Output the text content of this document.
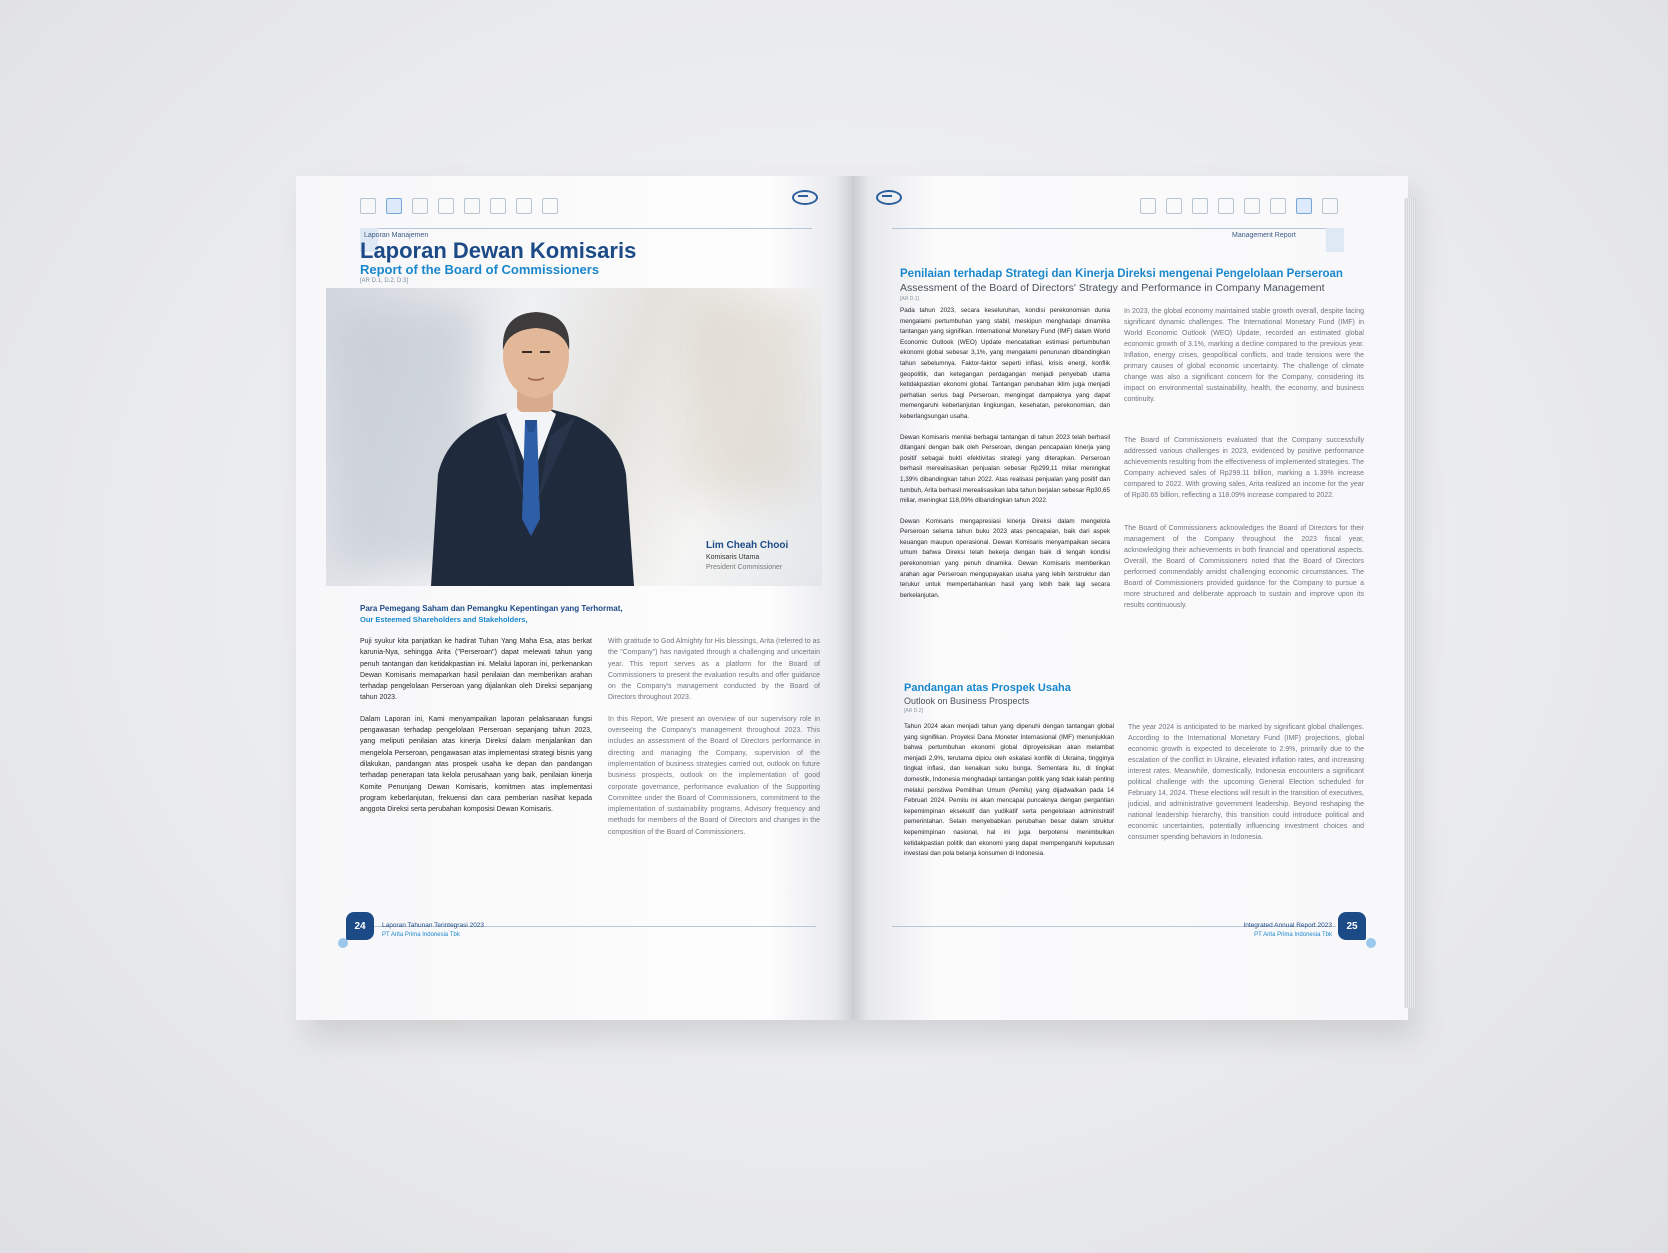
Laporan Manajemen
Laporan Dewan Komisaris
Report of the Board of Commissioners
[AR D.1, D.2, D.3]
Lim Cheah Chooi
Komisaris Utama
President Commissioner
Para Pemegang Saham dan Pemangku Kepentingan yang Terhormat,
Our Esteemed Shareholders and Stakeholders,

Puji syukur kita panjatkan ke hadirat Tuhan Yang Maha Esa, atas berkat karunia-Nya, sehingga Arita ("Perseroan") dapat melewati tahun yang penuh tantangan dan ketidakpastian ini. Melalui laporan ini, perkenankan Dewan Komisaris memaparkan hasil penilaian dan memberikan arahan terhadap pengelolaan Perseroan yang dijalankan oleh Direksi sepanjang tahun 2023.

Dalam Laporan ini, Kami menyampaikan laporan pelaksanaan fungsi pengawasan terhadap pengelolaan Perseroan sepanjang tahun 2023, yang meliputi penilaian atas kinerja Direksi dalam menjalankan dan mengelola Perseroan, pengawasan atas implementasi strategi bisnis yang dilakukan, pandangan atas prospek usaha ke depan dan pandangan terhadap penerapan tata kelola perusahaan yang baik, penilaian kinerja Komite Penunjang Dewan Komisaris, komitmen atas implementasi program keberlanjutan, frekuensi dan cara pemberian nasihat kepada anggota Direksi serta perubahan komposisi Dewan Komisaris.

With gratitude to God Almighty for His blessings, Arita (referred to as the "Company") has navigated through a challenging and uncertain year. This report serves as a platform for the Board of Commissioners to present the evaluation results and offer guidance on the Company's management conducted by the Board of Directors throughout 2023.

In this Report, We present an overview of our supervisory role in overseeing the Company's management throughout 2023. This includes an assessment of the Board of Directors performance in directing and managing the Company, supervision of the implementation of business strategies carried out, outlook on future business prospects, outlook on the implementation of good corporate governance, performance evaluation of the Supporting Committee under the Board of Commissioners, commitment to the implementation of sustainability programs, Advisory frequency and methods for members of the Board of Directors and changes in the composition of the Board of Commissioners.

24	Laporan Tahunan Terintegrasi 2023
PT Arita Prima Indonesia Tbk
Management Report
Penilaian terhadap Strategi dan Kinerja Direksi mengenai Pengelolaan Perseroan
Assessment of the Board of Directors' Strategy and Performance in Company Management
[AR D.1]

Pada tahun 2023, secara keseluruhan, kondisi perekonomian dunia mengalami pertumbuhan yang stabil, meskipun menghadapi dinamika tantangan yang signifikan. International Monetary Fund (IMF) dalam World Economic Outlook (WEO) Update mencatatkan estimasi pertumbuhan ekonomi global sebesar 3,1%, yang mengalami penurunan dibandingkan tahun sebelumnya. Faktor-faktor seperti inflasi, krisis energi, konflik geopolitik, dan ketegangan perdagangan menjadi penyebab utama ketidakpastian ekonomi global. Tantangan perubahan iklim juga menjadi perhatian serius bagi Perseroan, mengingat dampaknya yang dapat memengaruhi keberlanjutan lingkungan, kesehatan, perekonomian, dan keberlangsungan usaha.

Dewan Komisaris menilai berbagai tantangan di tahun 2023 telah berhasil ditangani dengan baik oleh Perseroan, dengan pencapaian kinerja yang positif sebagai bukti efektivitas strategi yang diterapkan. Perseroan berhasil merealisasikan penjualan sebesar Rp299,11 miliar meningkat 1,39% dibandingkan tahun 2022. Atas realisasi penjualan yang positif dan tumbuh, Arita berhasil merealisasikan laba tahun berjalan sebesar Rp30,65 miliar, meningkat 118,09% dibandingkan tahun 2022.

Dewan Komisaris mengapresiasi kinerja Direksi dalam mengelola Perseroan selama tahun buku 2023 atas pencapaian, baik dari aspek keuangan maupun operasional. Dewan Komisaris menyampaikan secara umum bahwa Direksi telah bekerja dengan baik di tengah kondisi perekonomian yang penuh dinamika. Dewan Komisaris memberikan arahan agar Perseroan mengupayakan usaha yang lebih terstruktur dan terukur untuk mempertahankan hasil yang lebih baik lagi secara berkelanjutan.

In 2023, the global economy maintained stable growth overall, despite facing significant dynamic challenges. The International Monetary Fund (IMF) in World Economic Outlook (WEO) Update, recorded an estimated global economic growth of 3.1%, marking a decline compared to the previous year. Inflation, energy crises, geopolitical conflicts, and trade tensions were the primary causes of global economic uncertainty. The challenge of climate change was also a significant concern for the Company, considering its impact on environmental sustainability, health, the economy, and business continuity.

The Board of Commissioners evaluated that the Company successfully addressed various challenges in 2023, evidenced by positive performance achievements resulting from the effectiveness of implemented strategies. The Company achieved sales of Rp299.11 billion, marking a 1.39% increase compared to 2022. With growing sales, Arita realized an income for the year of Rp30.65 billion, reflecting a 118.09% increase compared to 2022.

The Board of Commissioners acknowledges the Board of Directors for their management of the Company throughout the 2023 fiscal year, acknowledging their achievements in both financial and operational aspects. Overall, the Board of Commissioners noted that the Board of Directors performed commendably amidst challenging economic circumstances. The Board of Commissioners provided guidance for the Company to pursue a more structured and deliberate approach to sustain and improve upon its results continuously.

Pandangan atas Prospek Usaha
Outlook on Business Prospects
[AR D.2]

Tahun 2024 akan menjadi tahun yang dipenuhi dengan tantangan global yang signifikan. Proyeksi Dana Moneter Internasional (IMF) menunjukkan bahwa pertumbuhan ekonomi global diproyeksikan akan melambat menjadi 2,9%, terutama dipicu oleh eskalasi konflik di Ukraina, tingginya tingkat inflasi, dan kenaikan suku bunga. Sementara itu, di tingkat domestik, Indonesia menghadapi tantangan politik yang tidak kalah penting melalui peristiwa Pemilihan Umum (Pemilu) yang dijadwalkan pada 14 Februari 2024. Pemilu ini akan mencapai puncaknya dengan pergantian kepemimpinan eksekutif dan yudikatif serta pengelolaan administratif pemerintahan. Selain menyebabkan perubahan besar dalam struktur kepemimpinan nasional, hal ini juga berpotensi menimbulkan ketidakpastian politik dan ekonomi yang dapat mempengaruhi keputusan investasi dan pola belanja konsumen di Indonesia.

The year 2024 is anticipated to be marked by significant global challenges. According to the International Monetary Fund (IMF) projections, global economic growth is expected to decelerate to 2.9%, primarily due to the escalation of the conflict in Ukraine, elevated inflation rates, and increasing interest rates. Meanwhile, domestically, Indonesia encounters a significant political challenge with the upcoming General Election scheduled for February 14, 2024. These elections will result in the transition of executives, judicial, and administrative government leadership. Beyond reshaping the national leadership hierarchy, this transition could introduce political and economic uncertainties, potentially influencing investment choices and consumer spending behaviors in Indonesia.

Integrated Annual Report 2023
PT Arita Prima Indonesia Tbk
25
